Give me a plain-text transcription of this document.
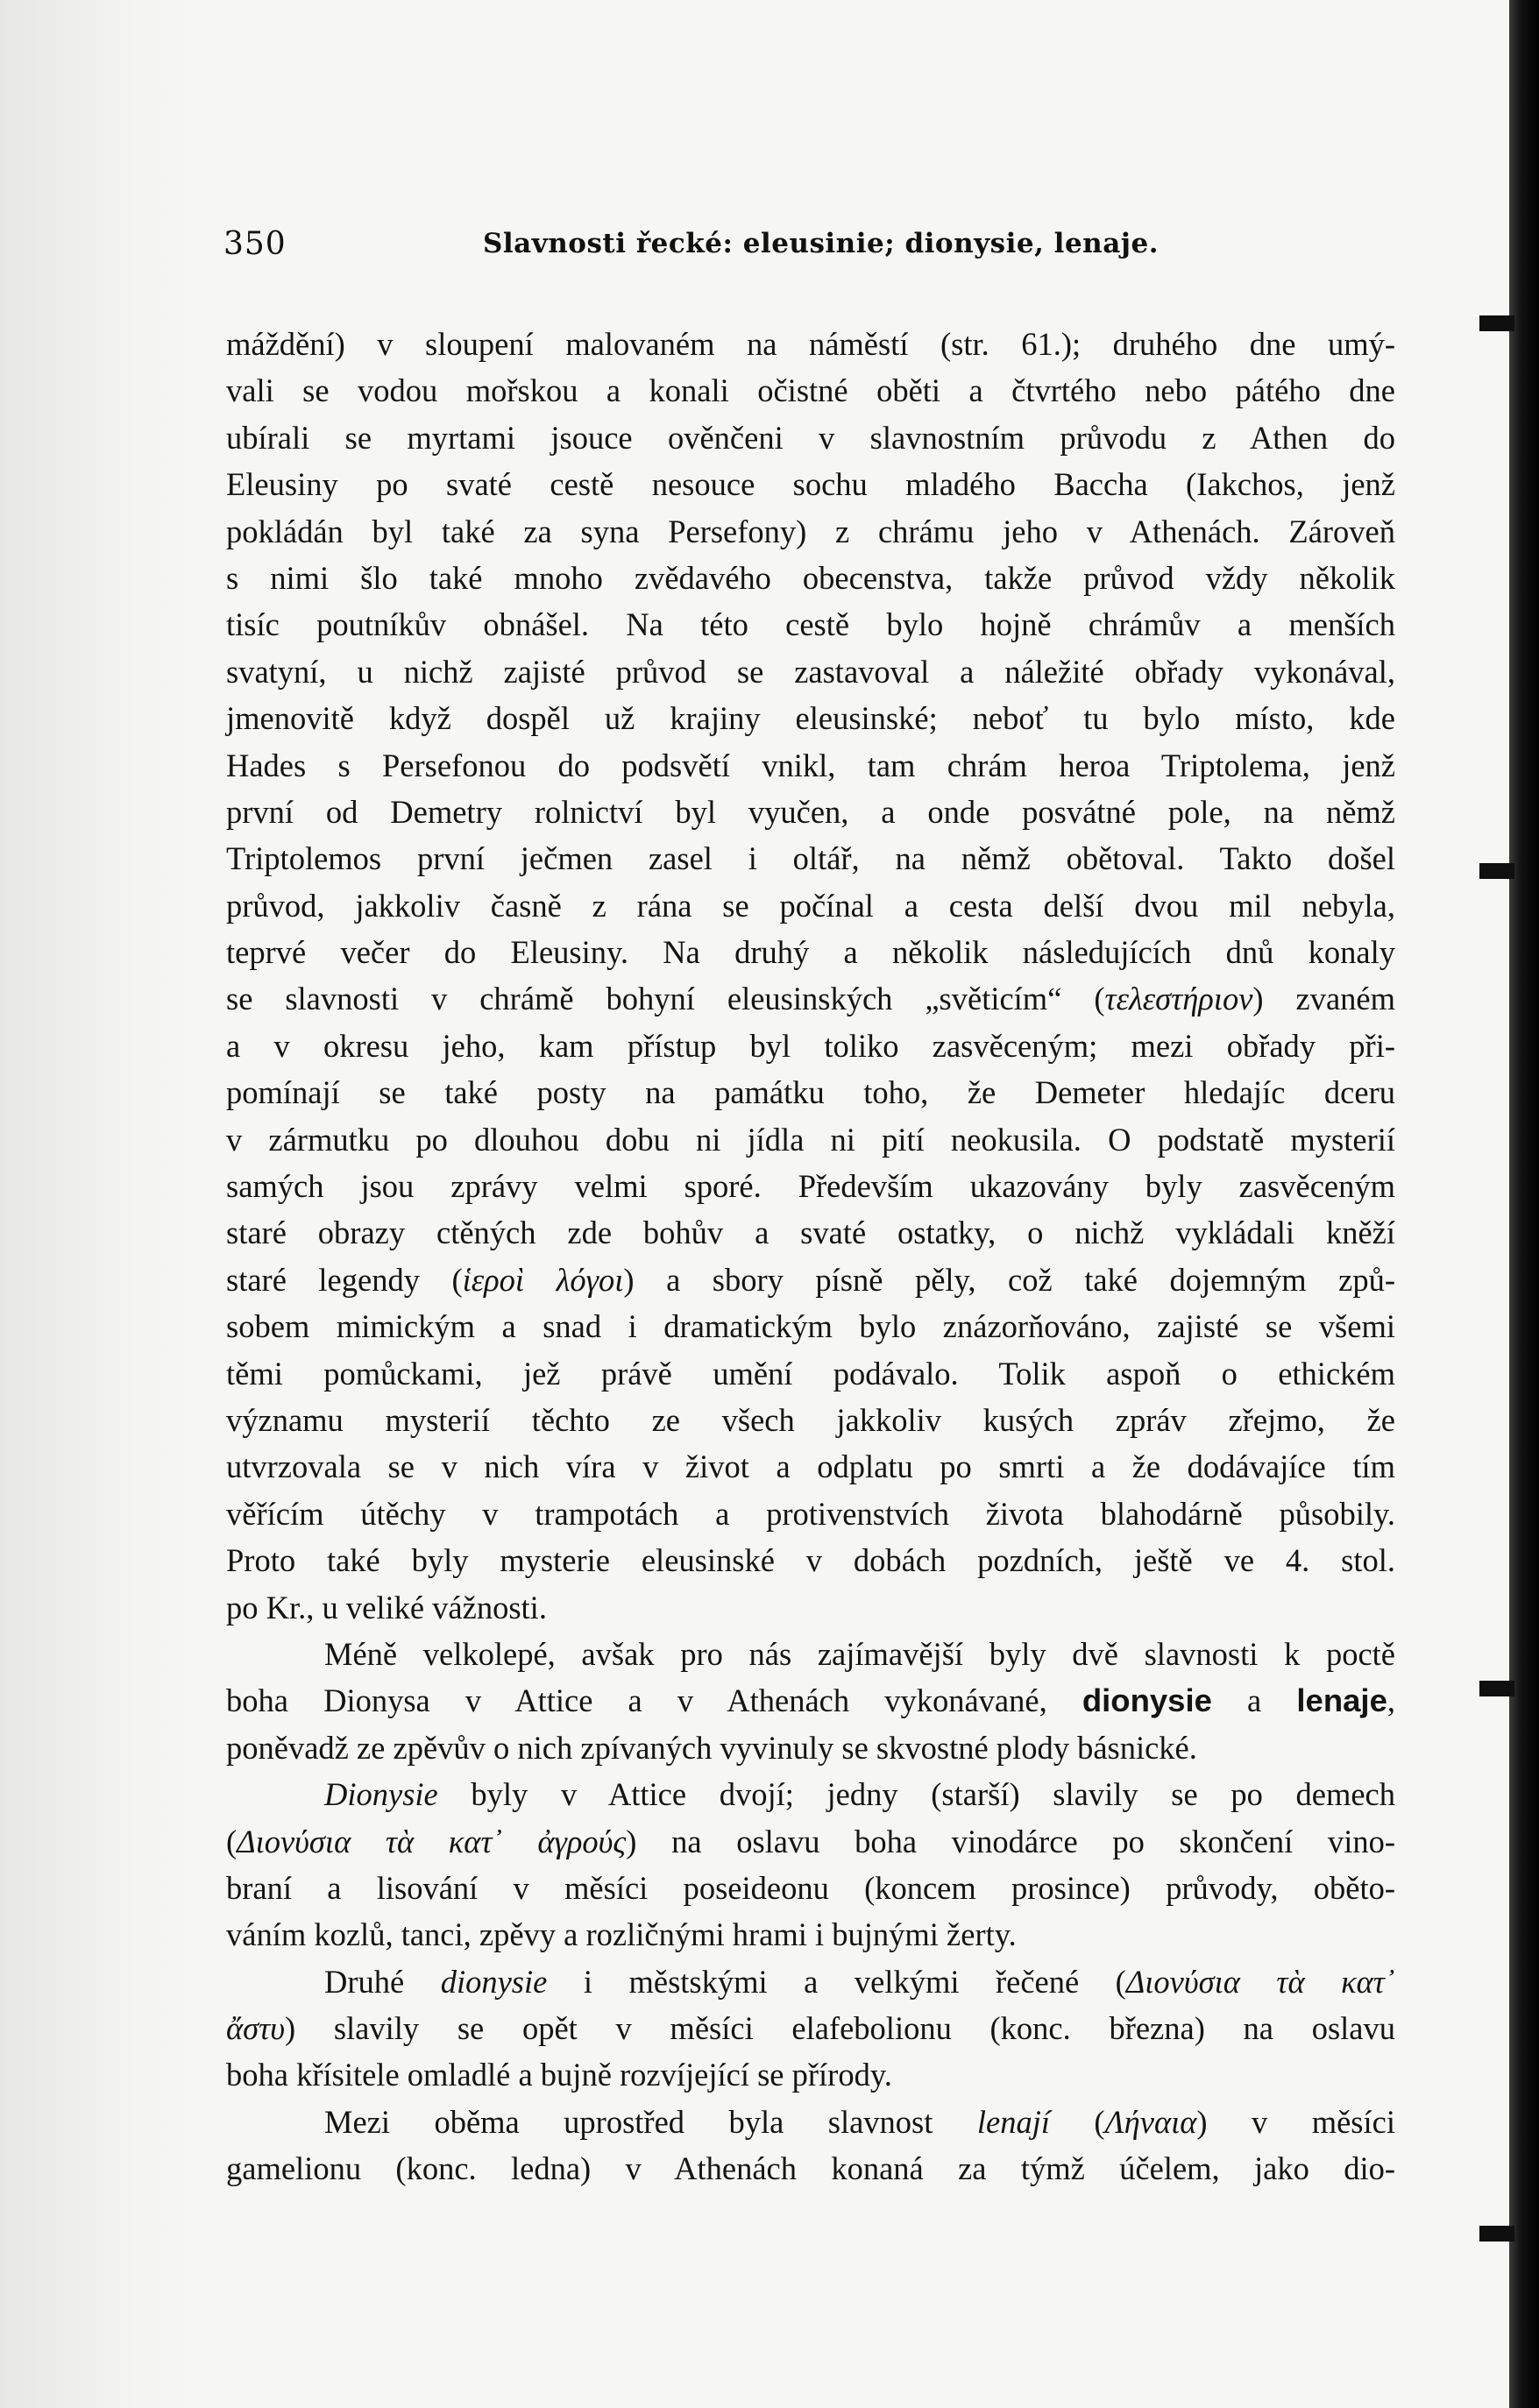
350	Slavnosti řecké: eleusinie; dionysie, lenaje.
máždění) v sloupení malovaném na náměstí (str. 61.); druhého dne umý-
vali se vodou mořskou a konali očistné oběti a čtvrtého nebo pátého dne
ubírali se myrtami jsouce ověnčeni v slavnostním průvodu z Athen do
Eleusiny po svaté cestě nesouce sochu mladého Baccha (Iakchos, jenž
pokládán byl také za syna Persefony) z chrámu jeho v Athenách. Zároveň
s nimi šlo také mnoho zvědavého obecenstva, takže průvod vždy několik
tisíc poutníkův obnášel. Na této cestě bylo hojně chrámův a menších
svatyní, u nichž zajisté průvod se zastavoval a náležité obřady vykonával,
jmenovitě když dospěl už krajiny eleusinské; neboť tu bylo místo, kde
Hades s Persefonou do podsvětí vnikl, tam chrám heroa Triptolema, jenž
první od Demetry rolnictví byl vyučen, a onde posvátné pole, na němž
Triptolemos první ječmen zasel i oltář, na němž obětoval. Takto došel
průvod, jakkoliv časně z rána se počínal a cesta delší dvou mil nebyla,
teprvé večer do Eleusiny. Na druhý a několik následujících dnů konaly
se slavnosti v chrámě bohyní eleusinských „světicím“ (τελεστήριον) zvaném
a v okresu jeho, kam přístup byl toliko zasvěceným; mezi obřady při-
pomínají se také posty na památku toho, že Demeter hledajíc dceru
v zármutku po dlouhou dobu ni jídla ni pití neokusila. O podstatě mysterií
samých jsou zprávy velmi sporé. Především ukazovány byly zasvěceným
staré obrazy ctěných zde bohův a svaté ostatky, o nichž vykládali kněží
staré legendy (ἱεροὶ λόγοι) a sbory písně pěly, což také dojemným způ-
sobem mimickým a snad i dramatickým bylo znázorňováno, zajisté se všemi
těmi pomůckami, jež právě umění podávalo. Tolik aspoň o ethickém
významu mysterií těchto ze všech jakkoliv kusých zpráv zřejmo, že
utvrzovala se v nich víra v život a odplatu po smrti a že dodávajíce tím
věřícím útěchy v trampotách a protivenstvích života blahodárně působily.
Proto také byly mysterie eleusinské v dobách pozdních, ještě ve 4. stol.
po Kr., u veliké vážnosti.
Méně velkolepé, avšak pro nás zajímavější byly dvě slavnosti k poctě
boha Dionysa v Attice a v Athenách vykonávané, dionysie a lenaje,
poněvadž ze zpěvův o nich zpívaných vyvinuly se skvostné plody básnické.
Dionysie byly v Attice dvojí; jedny (starší) slavily se po demech
(Διονύσια τὰ κατ᾿ ἀγρούς) na oslavu boha vinodárce po skončení vino-
braní a lisování v měsíci poseideonu (koncem prosince) průvody, oběto-
váním kozlů, tanci, zpěvy a rozličnými hrami i bujnými žerty.
Druhé dionysie i městskými a velkými řečené (Διονύσια τὰ κατ᾿
ἄστυ) slavily se opět v měsíci elafebolionu (konc. března) na oslavu
boha křísitele omladlé a bujně rozvíjející se přírody.
Mezi oběma uprostřed byla slavnost lenají (Λήναια) v měsíci
gamelionu (konc. ledna) v Athenách konaná za týmž účelem, jako dio-
